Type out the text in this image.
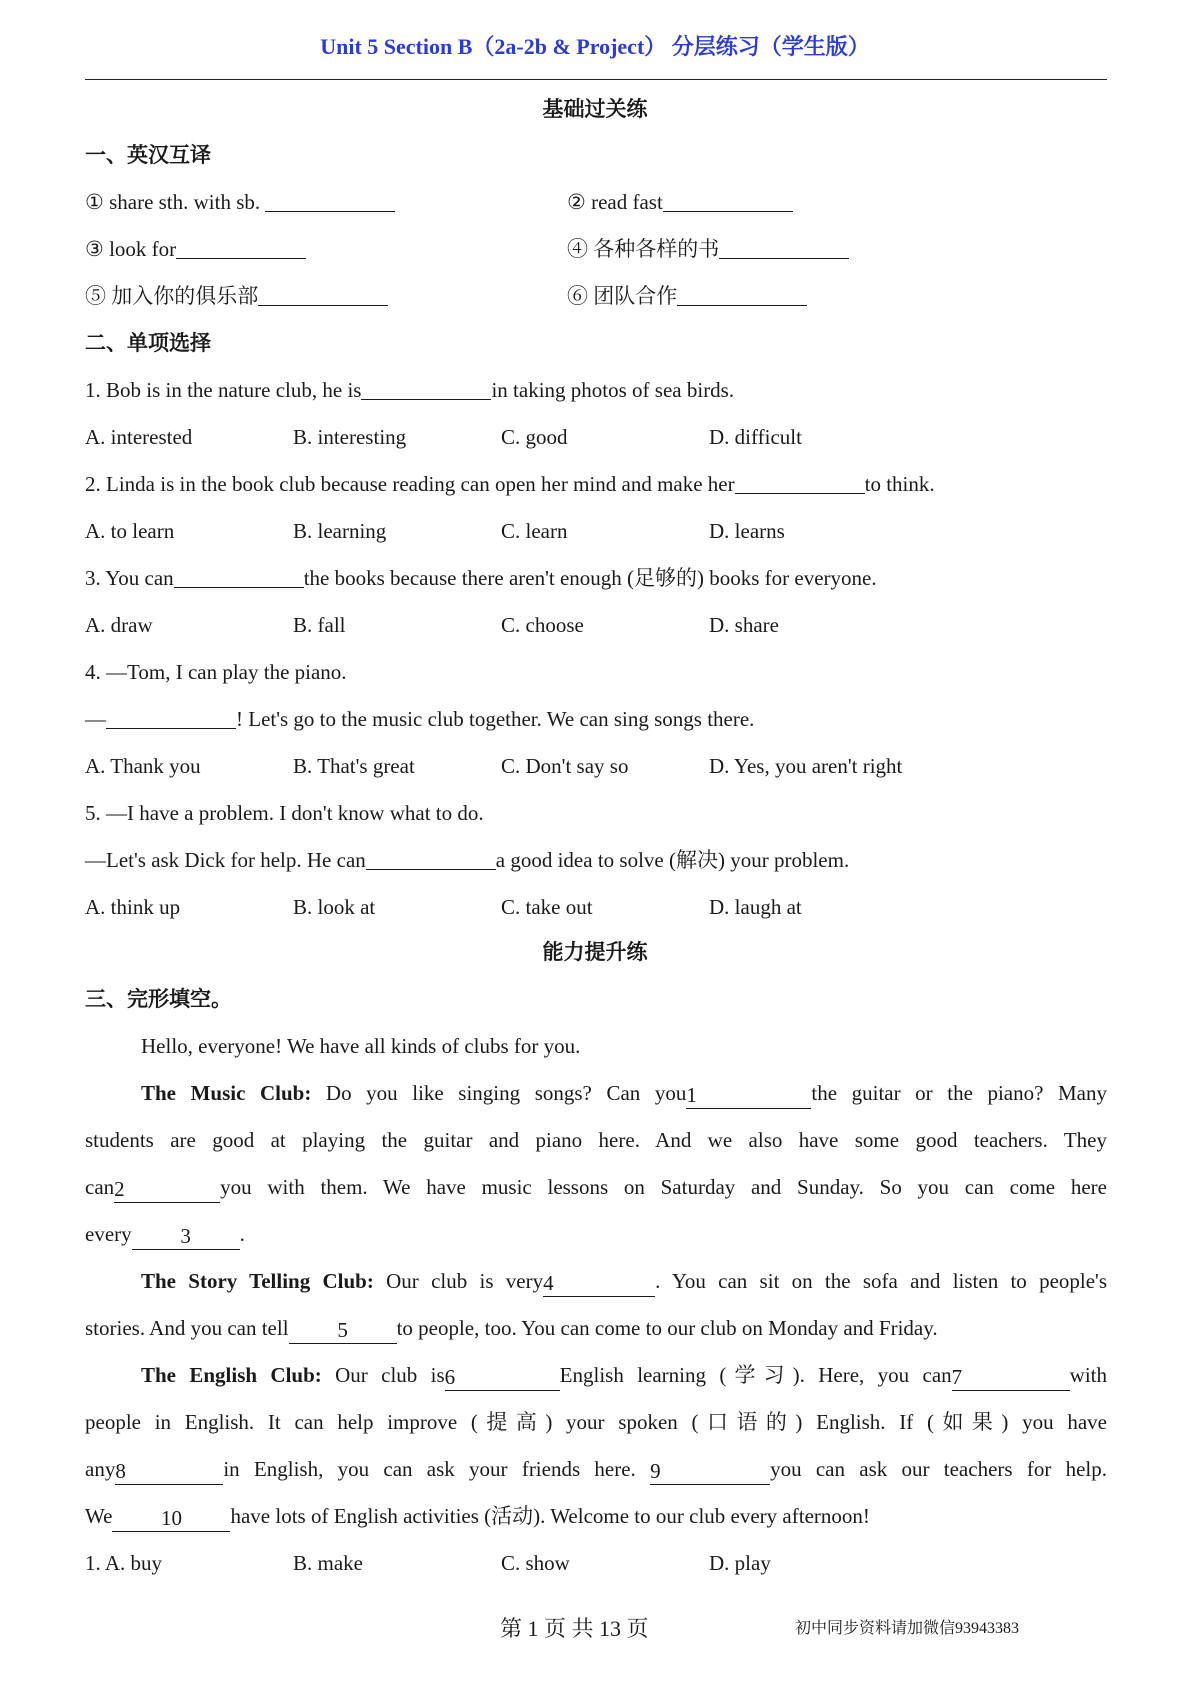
Unit 5 Section B（2a-2b & Project） 分层练习（学生版）
基础过关练
一、英汉互译
① share sth. with sb.	② read fast
③ look for	④ 各种各样的书
⑤ 加入你的俱乐部	⑥ 团队合作
二、单项选择
1. Bob is in the nature club, he is	in taking photos of sea birds.
A. interested	B. interesting	C. good	D. difficult
2. Linda is in the book club because reading can open her mind and make her	to think.
A. to learn	B. learning	C. learn	D. learns
3. You can	the books because there aren't enough (足够的) books for everyone.
A. draw	B. fall	C. choose	D. share
4. —Tom, I can play the piano.
—	! Let's go to the music club together. We can sing songs there.
A. Thank you	B. That's great	C. Don't say so	D. Yes, you aren't right
5. —I have a problem. I don't know what to do.
—Let's ask Dick for help. He can	a good idea to solve (解决) your problem.
A. think up	B. look at	C. take out	D. laugh at
能力提升练
三、完形填空。
Hello, everyone! We have all kinds of clubs for you.
The Music Club: Do you like singing songs? Can you1	the guitar or the piano? Many
students are good at playing the guitar and piano here. And we also have some good teachers. They
can2	you with them. We have music lessons on Saturday and Sunday. So you can come here
every 3 .
The Story Telling Club: Our club is very4	. You can sit on the sofa and listen to people's
stories. And you can tell 5 to people, too. You can come to our club on Monday and Friday.
The English Club: Our club is6	English learning (学习). Here, you can7	with
people in English. It can help improve (提高) your spoken (口语的) English. If (如果) you have
any8	in English, you can ask your friends here. 9	you can ask our teachers for help.
We 10 have lots of English activities (活动). Welcome to our club every afternoon!
1. A. buy	B. make	C. show	D. play
第 1 页 共 13 页	初中同步资料请加微信93943383
